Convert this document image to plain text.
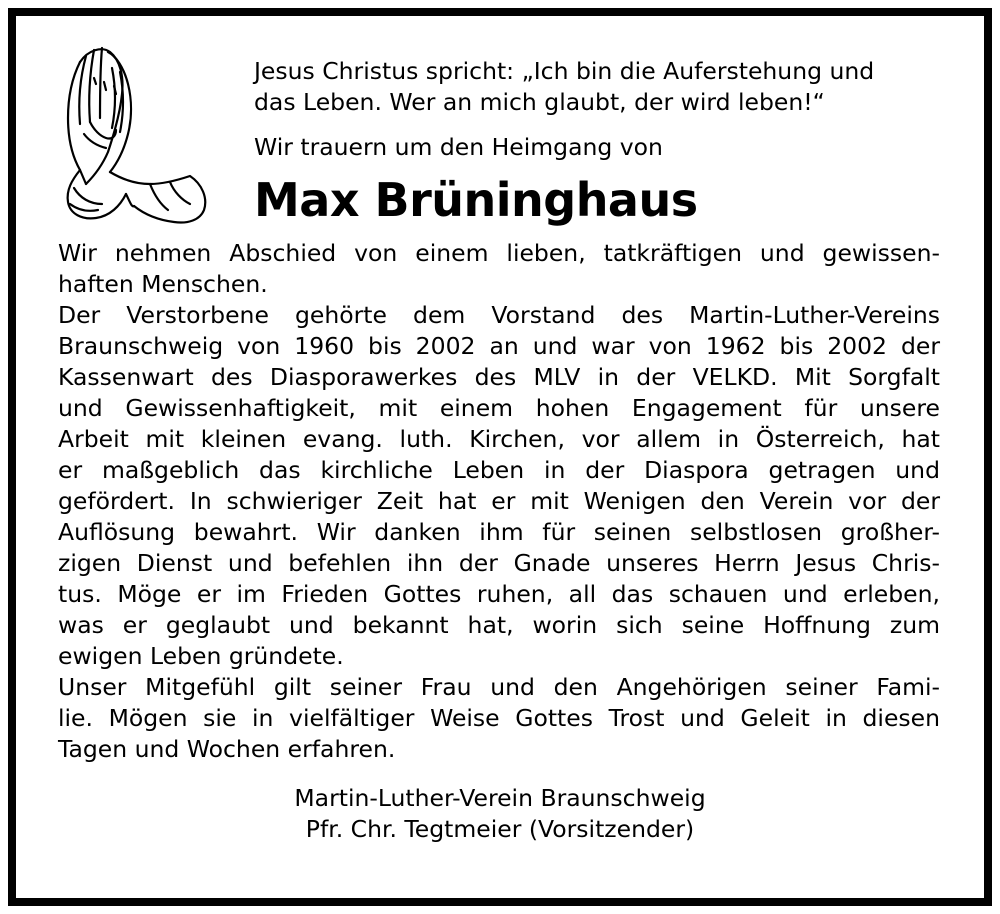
Jesus Christus spricht: „Ich bin die Auferstehung und

das Leben. Wer an mich glaubt, der wird leben!“

Wir trauern um den Heimgang von

Max Brüninghaus

Wir nehmen Abschied von einem lieben, tatkräftigen und gewissen-

haften Menschen.

Der Verstorbene gehörte dem Vorstand des Martin-Luther-Vereins

Braunschweig von 1960 bis 2002 an und war von 1962 bis 2002 der

Kassenwart des Diasporawerkes des MLV in der VELKD. Mit Sorgfalt

und Gewissenhaftigkeit, mit einem hohen Engagement für unsere

Arbeit mit kleinen evang. luth. Kirchen, vor allem in Österreich, hat

er maßgeblich das kirchliche Leben in der Diaspora getragen und

gefördert. In schwieriger Zeit hat er mit Wenigen den Verein vor der

Auflösung bewahrt. Wir danken ihm für seinen selbstlosen großher-

zigen Dienst und befehlen ihn der Gnade unseres Herrn Jesus Chris-

tus. Möge er im Frieden Gottes ruhen, all das schauen und erleben,

was er geglaubt und bekannt hat, worin sich seine Hoffnung zum

ewigen Leben gründete.

Unser Mitgefühl gilt seiner Frau und den Angehörigen seiner Fami-

lie. Mögen sie in vielfältiger Weise Gottes Trost und Geleit in diesen

Tagen und Wochen erfahren.

Martin-Luther-Verein Braunschweig

Pfr. Chr. Tegtmeier (Vorsitzender)
